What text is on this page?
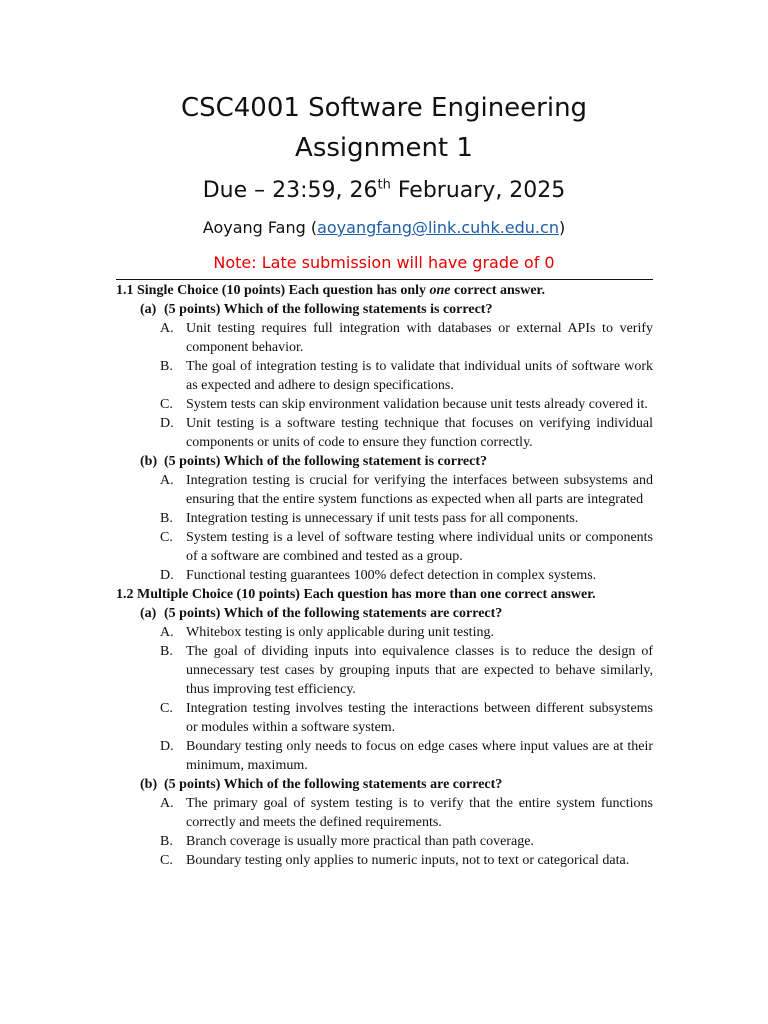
CSC4001 Software Engineering
Assignment 1
Due – 23:59, 26th February, 2025
Aoyang Fang (aoyangfang@link.cuhk.edu.cn)
Note: Late submission will have grade of 0
1.1 Single Choice (10 points) Each question has only one correct answer.
(a) (5 points) Which of the following statements is correct?
A. Unit testing requires full integration with databases or external APIs to verify component behavior.
B. The goal of integration testing is to validate that individual units of software work as expected and adhere to design specifications.
C. System tests can skip environment validation because unit tests already covered it.
D. Unit testing is a software testing technique that focuses on verifying individual components or units of code to ensure they function correctly.
(b) (5 points) Which of the following statement is correct?
A. Integration testing is crucial for verifying the interfaces between subsystems and ensuring that the entire system functions as expected when all parts are integrated
B. Integration testing is unnecessary if unit tests pass for all components.
C. System testing is a level of software testing where individual units or components of a software are combined and tested as a group.
D. Functional testing guarantees 100% defect detection in complex systems.
1.2 Multiple Choice (10 points) Each question has more than one correct answer.
(a) (5 points) Which of the following statements are correct?
A. Whitebox testing is only applicable during unit testing.
B. The goal of dividing inputs into equivalence classes is to reduce the design of unnecessary test cases by grouping inputs that are expected to behave similarly, thus improving test efficiency.
C. Integration testing involves testing the interactions between different subsystems or modules within a software system.
D. Boundary testing only needs to focus on edge cases where input values are at their minimum, maximum.
(b) (5 points) Which of the following statements are correct?
A. The primary goal of system testing is to verify that the entire system functions correctly and meets the defined requirements.
B. Branch coverage is usually more practical than path coverage.
C. Boundary testing only applies to numeric inputs, not to text or categorical data.
